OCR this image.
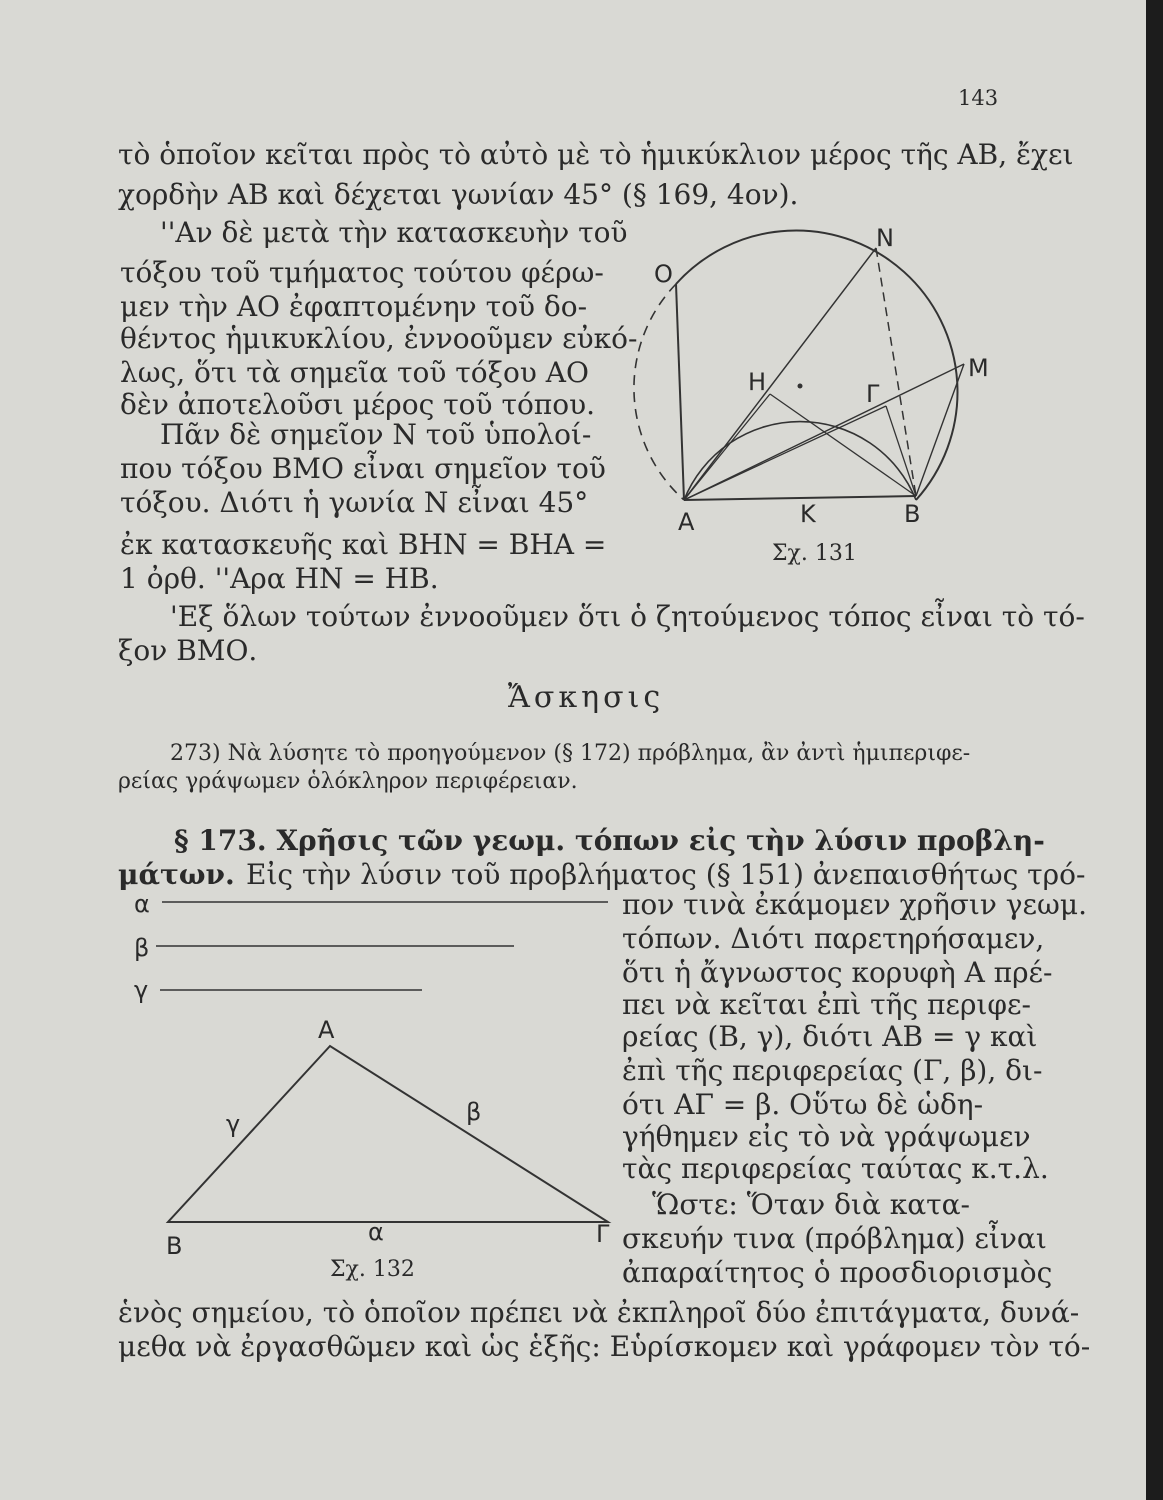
143
τὸ ὁποῖον κεῖται πρὸς τὸ αὐτὸ μὲ τὸ ἡμικύκλιον μέρος τῆς ΑΒ, ἔχει
χορδὴν ΑΒ καὶ δέχεται γωνίαν 45° (§ 169, 4ον).
''Αν δὲ μετὰ τὴν κατασκευὴν τοῦ
τόξου τοῦ τμήματος τούτου φέρω-
μεν τὴν ΑΟ ἐφαπτομένην τοῦ δο-
θέντος ἡμικυκλίου, ἐννοοῦμεν εὐκό-
λως, ὅτι τὰ σημεῖα τοῦ τόξου ΑΟ
δὲν ἀποτελοῦσι μέρος τοῦ τόπου.
Πᾶν δὲ σημεῖον Ν τοῦ ὑπολοί-
που τόξου ΒΜΟ εἶναι σημεῖον τοῦ
τόξου. Διότι ἡ γωνία Ν εἶναι 45°
ἐκ κατασκευῆς καὶ ΒΗΝ = ΒΗΑ =
1 ὀρθ. ''Αρα ΗΝ = ΗΒ.
'Εξ ὅλων τούτων ἐννοοῦμεν ὅτι ὁ ζητούμενος τόπος εἶναι τὸ τό-
ξον ΒΜΟ.
Ἄσκησις
273) Νὰ λύσητε τὸ προηγούμενον (§ 172) πρόβλημα, ἂν ἀντὶ ἡμιπεριφε-
ρείας γράψωμεν ὁλόκληρον περιφέρειαν.
§ 173. Χρῆσις τῶν γεωμ. τόπων εἰς τὴν λύσιν προβλη-
μάτων. Εἰς τὴν λύσιν τοῦ προβλήματος (§ 151) ἀνεπαισθήτως τρό-
πον τινὰ ἐκάμομεν χρῆσιν γεωμ.
τόπων. Διότι παρετηρήσαμεν,
ὅτι ἡ ἄγνωστος κορυφὴ Α πρέ-
πει νὰ κεῖται ἐπὶ τῆς περιφε-
ρείας (Β, γ), διότι ΑΒ = γ καὶ
ἐπὶ τῆς περιφερείας (Γ, β), δι-
ότι ΑΓ = β. Οὕτω δὲ ὡδη-
γήθημεν εἰς τὸ νὰ γράψωμεν
τὰς περιφερείας ταύτας κ.τ.λ.
Ὥστε: Ὅταν διὰ κατα-
σκευήν τινα (πρόβλημα) εἶναι
ἀπαραίτητος ὁ προσδιορισμὸς
ἑνὸς σημείου, τὸ ὁποῖον πρέπει νὰ ἐκπληροῖ δύο ἐπιτάγματα, δυνά-
μεθα νὰ ἐργασθῶμεν καὶ ὡς ἑξῆς: Εὑρίσκομεν καὶ γράφομεν τὸν τό-
Ν
Ο
Μ
Η	Γ
Α	Κ	Β
Σχ. 131
α
β
γ
Α
Β	Γ
γ	β
α
Σχ. 132
